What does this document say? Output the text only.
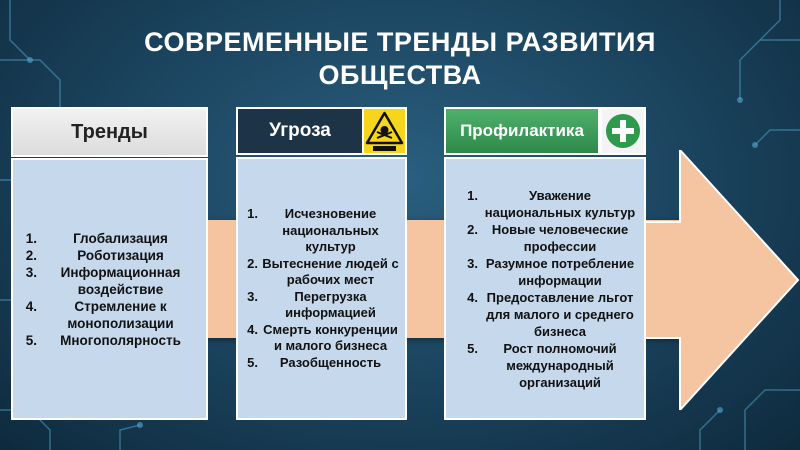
СОВРЕМЕННЫЕ ТРЕНДЫ РАЗВИТИЯ
ОБЩЕСТВА
Тренды
1.	Глобализация
2.	Роботизация
3.	Информационная воздействие
4.	Стремление к монополизации
5.	Многополярность
Угроза
1.	Исчезновение национальных культур
2. Вытеснение людей с рабочих мест
3.	Перегрузка информацией
4. Смерть конкуренции и малого бизнеса
5.	Разобщенность
Профилактика
1.	Уважение национальных культур
2.	Новые человеческие профессии
3. Разумное потребление информации
4. Предоставление льгот для малого и среднего бизнеса
5.	Рост полномочий международный организаций
